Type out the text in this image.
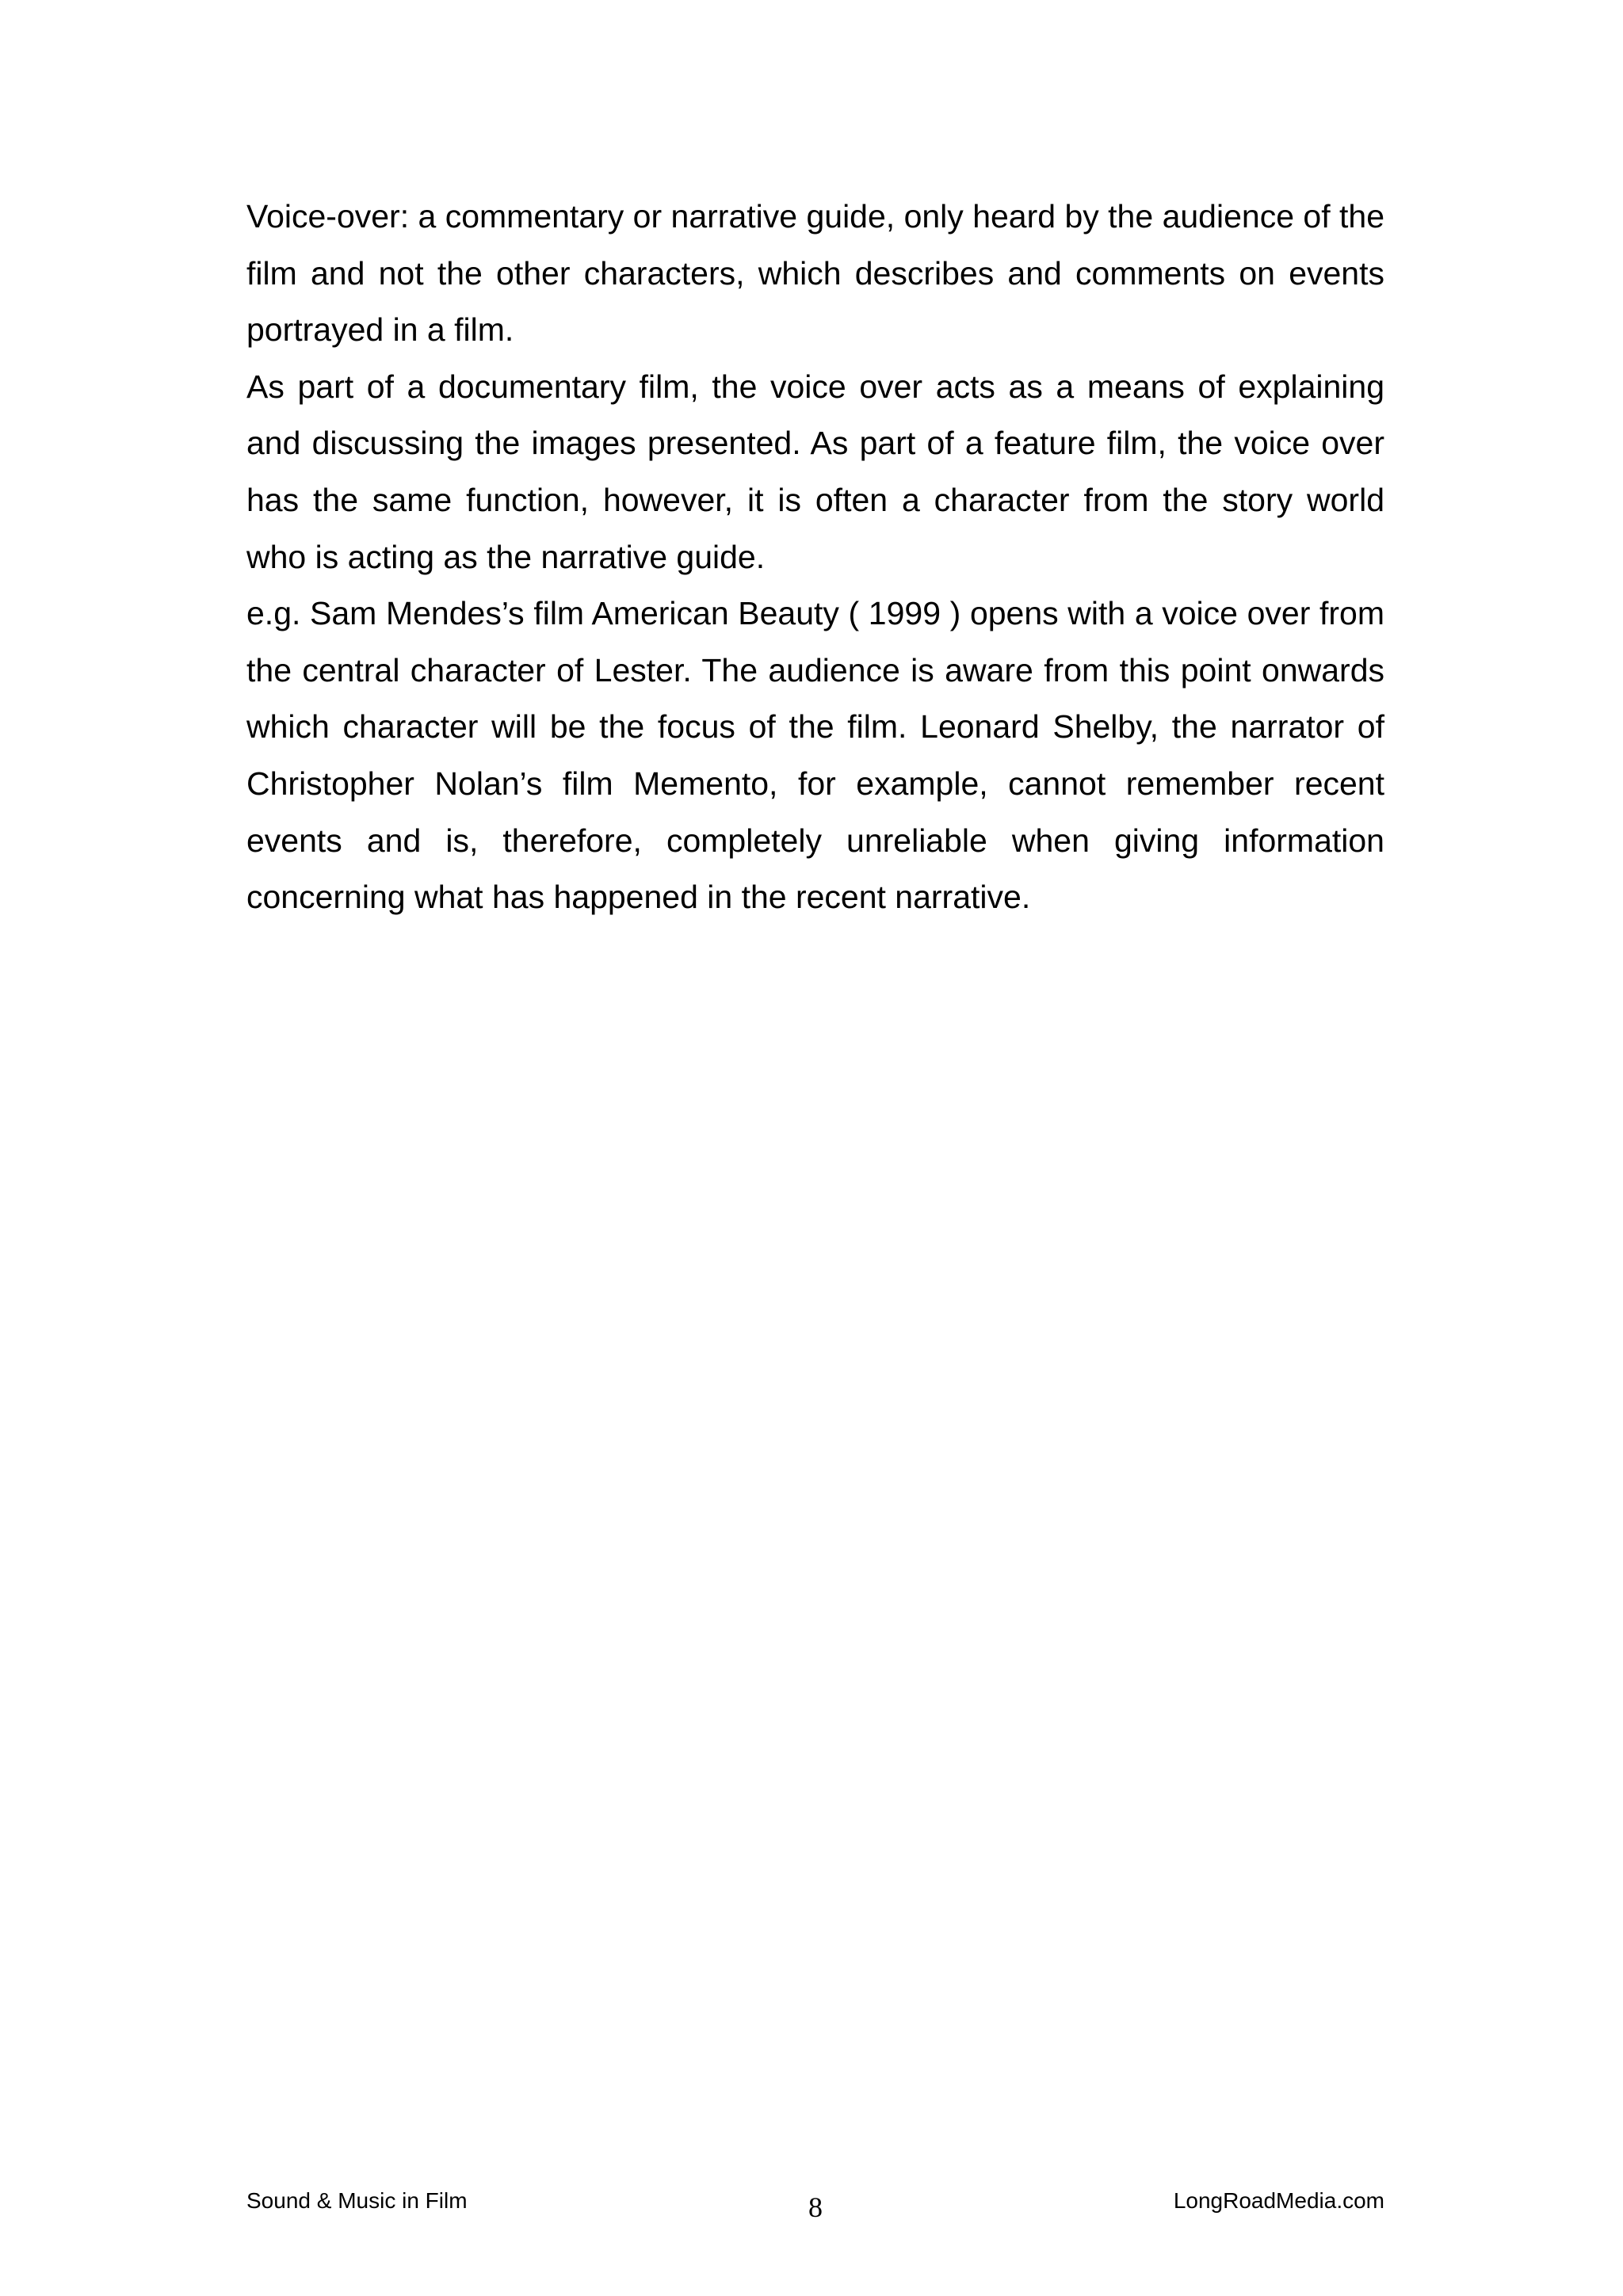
Voice-over: a commentary or narrative guide, only heard by the audience of the film and not the other characters, which describes and comments on events portrayed in a film.

As part of a documentary film, the voice over acts as a means of explaining and discussing the images presented. As part of a feature film, the voice over has the same function, however, it is often a character from the story world who is acting as the narrative guide.

e.g. Sam Mendes’s film American Beauty ( 1999 ) opens with a voice over from the central character of Lester. The audience is aware from this point onwards which character will be the focus of the film. Leonard Shelby, the narrator of Christopher Nolan’s film Memento, for example, cannot remember recent events and is, therefore, completely unreliable when giving information concerning what has happened in the recent narrative.

Sound & Music in Film	8	LongRoadMedia.com
